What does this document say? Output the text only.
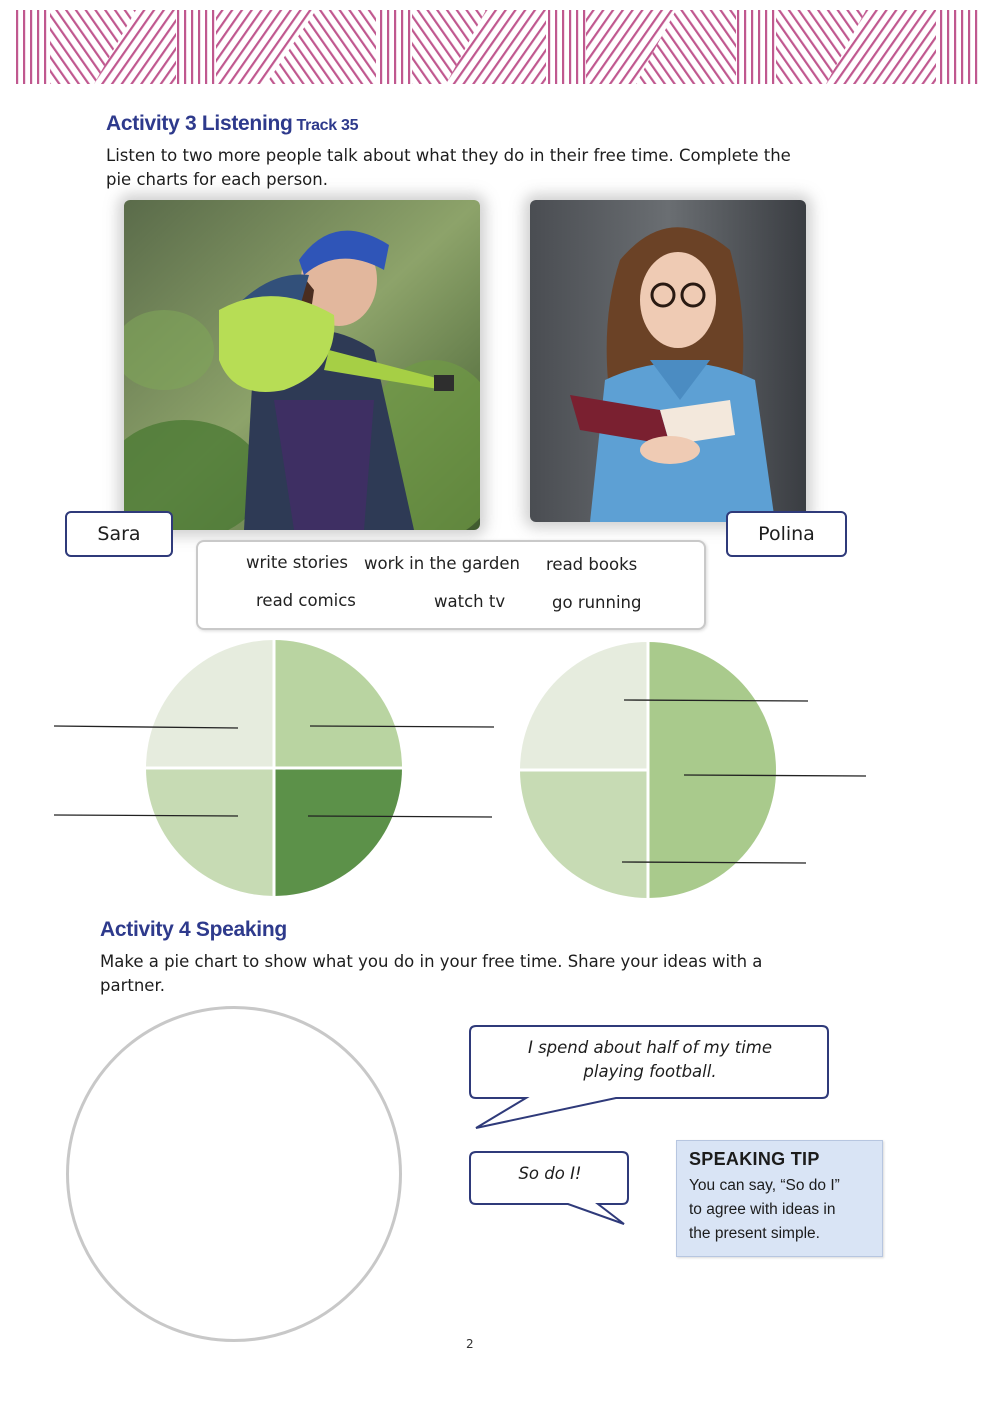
Activity 3 Listening Track 35
Listen to two more people talk about what they do in their free time. Complete the
pie charts for each person.
Sara	Polina
write stories work in the garden read books
read comics	watch tv	go running
Activity 4 Speaking
Make a pie chart to show what you do in your free time. Share your ideas with a
partner.
I spend about half of my time
playing football.
So do I!
SPEAKING TIP
You can say, “So do I”
to agree with ideas in
the present simple.
2
